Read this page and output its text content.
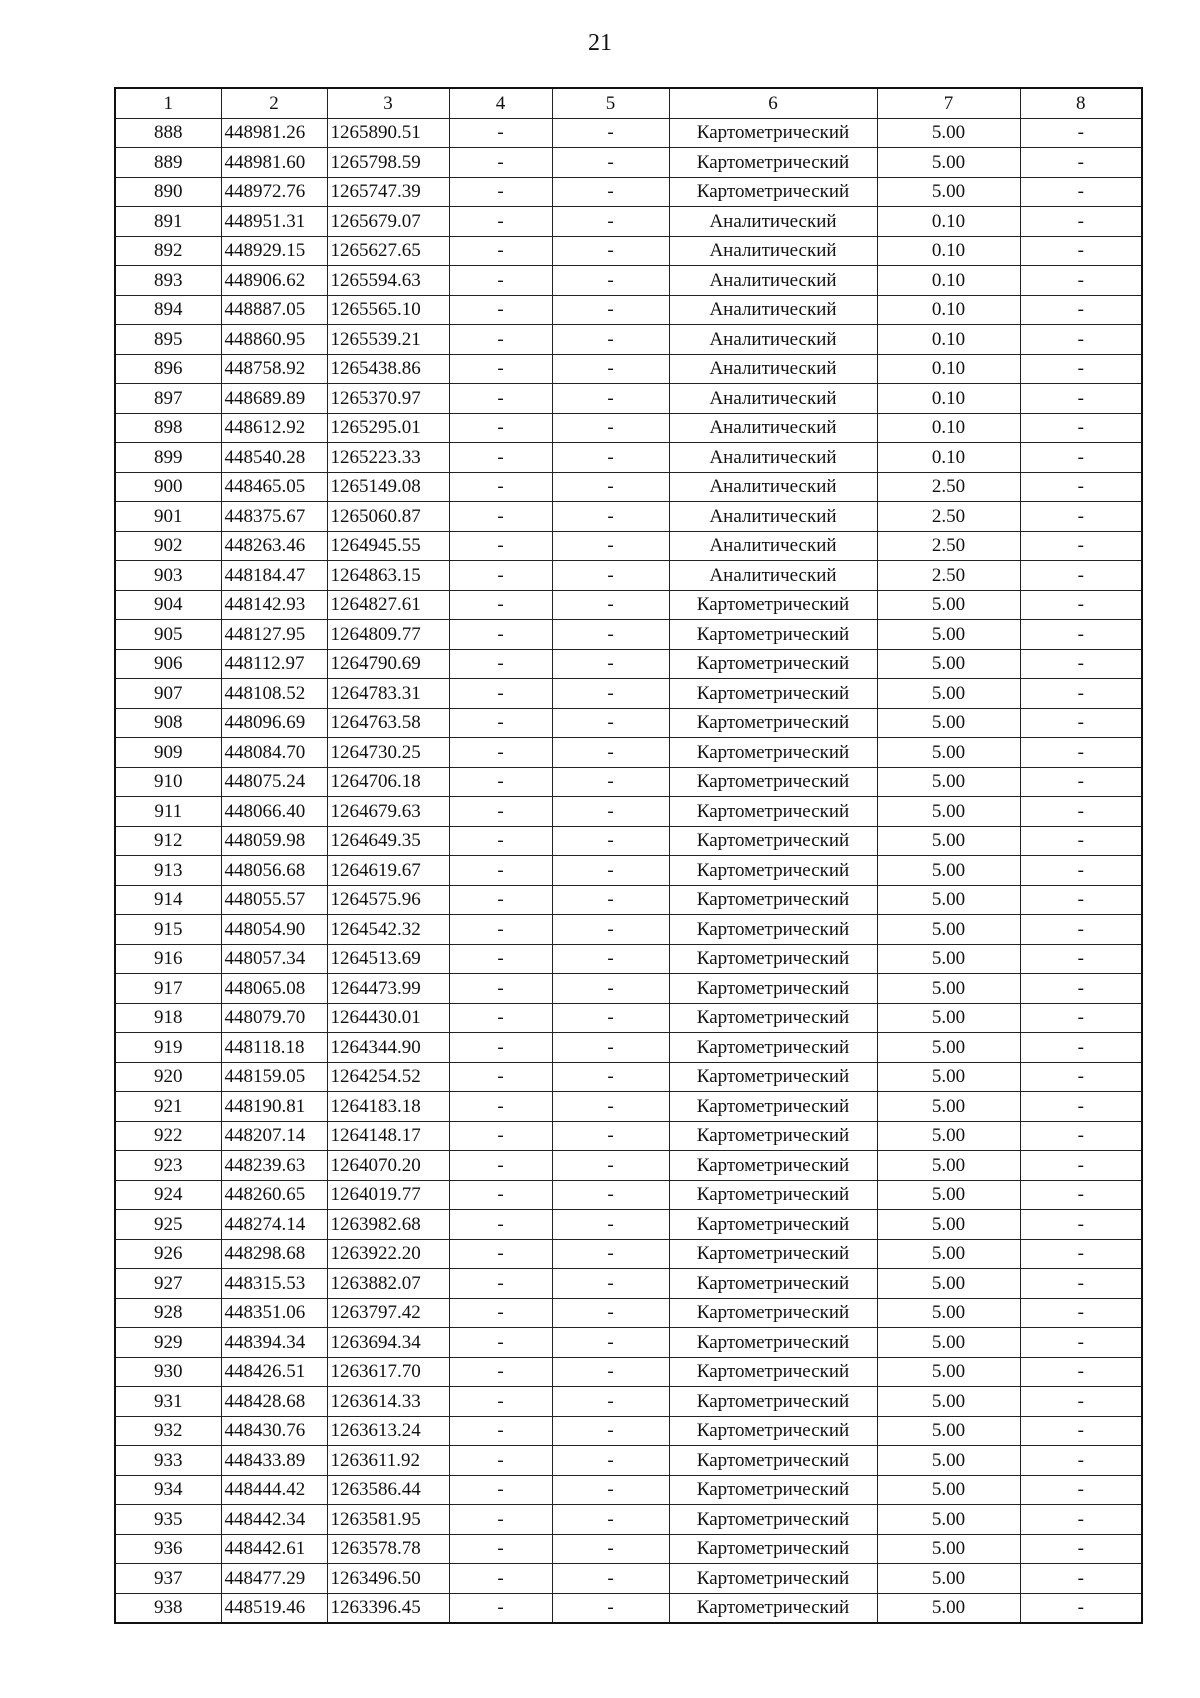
21
1	2	3	4	5	6	7	8
888	448981.26	1265890.51	-	-	Картометрический	5.00	-
889	448981.60	1265798.59	-	-	Картометрический	5.00	-
890	448972.76	1265747.39	-	-	Картометрический	5.00	-
891	448951.31	1265679.07	-	-	Аналитический	0.10	-
892	448929.15	1265627.65	-	-	Аналитический	0.10	-
893	448906.62	1265594.63	-	-	Аналитический	0.10	-
894	448887.05	1265565.10	-	-	Аналитический	0.10	-
895	448860.95	1265539.21	-	-	Аналитический	0.10	-
896	448758.92	1265438.86	-	-	Аналитический	0.10	-
897	448689.89	1265370.97	-	-	Аналитический	0.10	-
898	448612.92	1265295.01	-	-	Аналитический	0.10	-
899	448540.28	1265223.33	-	-	Аналитический	0.10	-
900	448465.05	1265149.08	-	-	Аналитический	2.50	-
901	448375.67	1265060.87	-	-	Аналитический	2.50	-
902	448263.46	1264945.55	-	-	Аналитический	2.50	-
903	448184.47	1264863.15	-	-	Аналитический	2.50	-
904	448142.93	1264827.61	-	-	Картометрический	5.00	-
905	448127.95	1264809.77	-	-	Картометрический	5.00	-
906	448112.97	1264790.69	-	-	Картометрический	5.00	-
907	448108.52	1264783.31	-	-	Картометрический	5.00	-
908	448096.69	1264763.58	-	-	Картометрический	5.00	-
909	448084.70	1264730.25	-	-	Картометрический	5.00	-
910	448075.24	1264706.18	-	-	Картометрический	5.00	-
911	448066.40	1264679.63	-	-	Картометрический	5.00	-
912	448059.98	1264649.35	-	-	Картометрический	5.00	-
913	448056.68	1264619.67	-	-	Картометрический	5.00	-
914	448055.57	1264575.96	-	-	Картометрический	5.00	-
915	448054.90	1264542.32	-	-	Картометрический	5.00	-
916	448057.34	1264513.69	-	-	Картометрический	5.00	-
917	448065.08	1264473.99	-	-	Картометрический	5.00	-
918	448079.70	1264430.01	-	-	Картометрический	5.00	-
919	448118.18	1264344.90	-	-	Картометрический	5.00	-
920	448159.05	1264254.52	-	-	Картометрический	5.00	-
921	448190.81	1264183.18	-	-	Картометрический	5.00	-
922	448207.14	1264148.17	-	-	Картометрический	5.00	-
923	448239.63	1264070.20	-	-	Картометрический	5.00	-
924	448260.65	1264019.77	-	-	Картометрический	5.00	-
925	448274.14	1263982.68	-	-	Картометрический	5.00	-
926	448298.68	1263922.20	-	-	Картометрический	5.00	-
927	448315.53	1263882.07	-	-	Картометрический	5.00	-
928	448351.06	1263797.42	-	-	Картометрический	5.00	-
929	448394.34	1263694.34	-	-	Картометрический	5.00	-
930	448426.51	1263617.70	-	-	Картометрический	5.00	-
931	448428.68	1263614.33	-	-	Картометрический	5.00	-
932	448430.76	1263613.24	-	-	Картометрический	5.00	-
933	448433.89	1263611.92	-	-	Картометрический	5.00	-
934	448444.42	1263586.44	-	-	Картометрический	5.00	-
935	448442.34	1263581.95	-	-	Картометрический	5.00	-
936	448442.61	1263578.78	-	-	Картометрический	5.00	-
937	448477.29	1263496.50	-	-	Картометрический	5.00	-
938	448519.46	1263396.45	-	-	Картометрический	5.00	-
